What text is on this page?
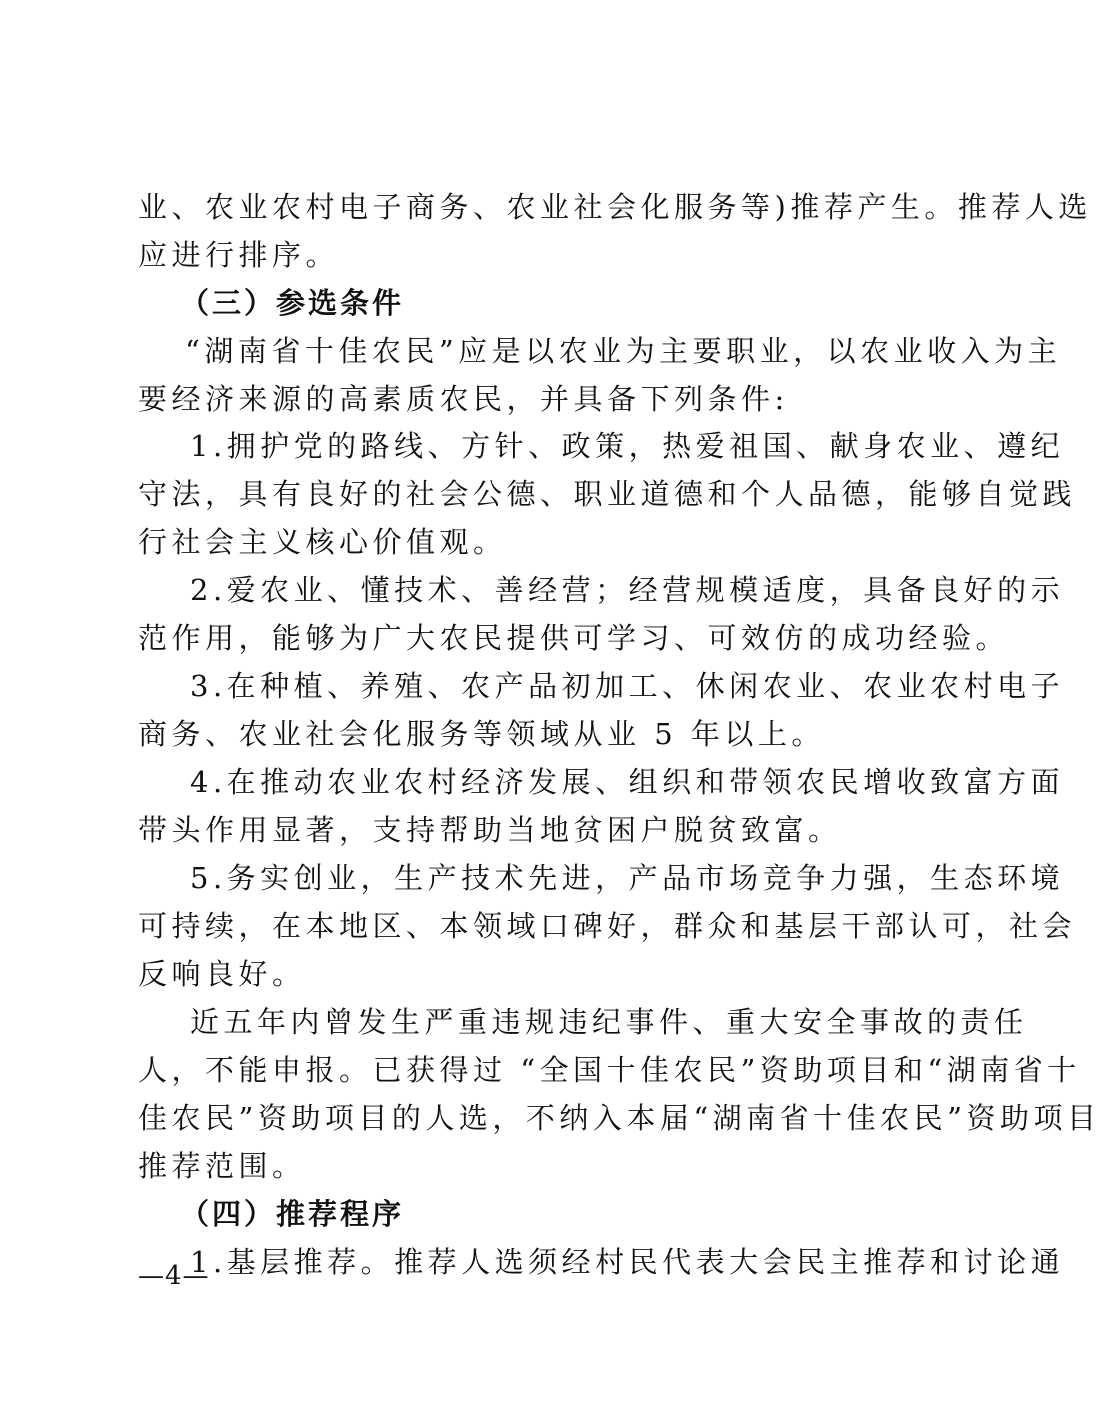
业、农业农村电子商务、农业社会化服务等)推荐产生。推荐人选
应进行排序。
（三）参选条件
“湖南省十佳农民”应是以农业为主要职业，以农业收入为主
要经济来源的高素质农民，并具备下列条件:
1.拥护党的路线、方针、政策，热爱祖国、献身农业、遵纪
守法，具有良好的社会公德、职业道德和个人品德，能够自觉践
行社会主义核心价值观。
2.爱农业、懂技术、善经营；经营规模适度，具备良好的示
范作用，能够为广大农民提供可学习、可效仿的成功经验。
3.在种植、养殖、农产品初加工、休闲农业、农业农村电子
商务、农业社会化服务等领域从业 5 年以上。
4.在推动农业农村经济发展、组织和带领农民增收致富方面
带头作用显著，支持帮助当地贫困户脱贫致富。
5.务实创业，生产技术先进，产品市场竞争力强，生态环境
可持续，在本地区、本领域口碑好，群众和基层干部认可，社会
反响良好。
近五年内曾发生严重违规违纪事件、重大安全事故的责任
人，不能申报。已获得过 “全国十佳农民”资助项目和“湖南省十
佳农民”资助项目的人选，不纳入本届“湖南省十佳农民”资助项目
推荐范围。
（四）推荐程序
1.基层推荐。推荐人选须经村民代表大会民主推荐和讨论通
—4—
